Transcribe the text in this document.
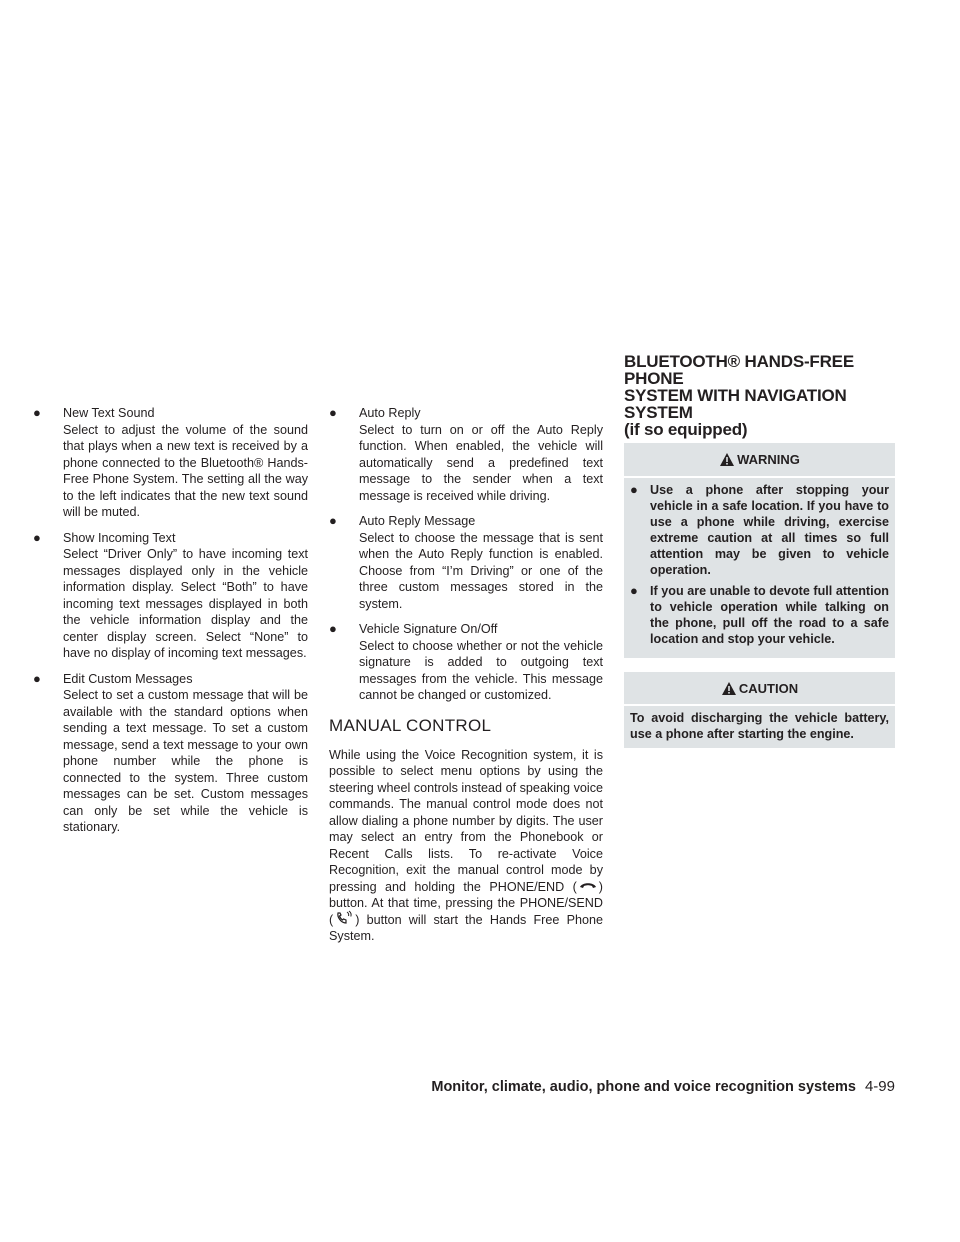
● New Text Sound
Select to adjust the volume of the sound that plays when a new text is received by a phone connected to the Bluetooth® Hands-Free Phone System. The setting all the way to the left indicates that the new text sound will be muted.
● Show Incoming Text
Select “Driver Only” to have incoming text messages displayed only in the vehicle information display. Select “Both” to have incoming text messages displayed in both the vehicle information display and the center display screen. Select “None” to have no display of incoming text messages.
● Edit Custom Messages
Select to set a custom message that will be available with the standard options when sending a text message. To set a custom message, send a text message to your own phone number while the phone is connected to the system. Three custom messages can be set. Custom messages can only be set while the vehicle is stationary.
● Auto Reply
Select to turn on or off the Auto Reply function. When enabled, the vehicle will automatically send a predefined text message to the sender when a text message is received while driving.
● Auto Reply Message
Select to choose the message that is sent when the Auto Reply function is enabled. Choose from “I’m Driving” or one of the three custom messages stored in the system.
● Vehicle Signature On/Off
Select to choose whether or not the vehicle signature is added to outgoing text messages from the vehicle. This message cannot be changed or customized.
MANUAL CONTROL

While using the Voice Recognition system, it is possible to select menu options by using the steering wheel controls instead of speaking voice commands. The manual control mode does not allow dialing a phone number by digits. The user may select an entry from the Phonebook or Recent Calls lists. To re-activate Voice Recognition, exit the manual control mode by pressing and holding the PHONE/END ( ) button. At that time, pressing the PHONE/SEND ( ) button will start the Hands Free Phone System.

BLUETOOTH® HANDS-FREE PHONE
SYSTEM WITH NAVIGATION SYSTEM
(if so equipped)
WARNING
● Use a phone after stopping your vehicle in a safe location. If you have to use a phone while driving, exercise extreme caution at all times so full attention may be given to vehicle operation.
● If you are unable to devote full attention to vehicle operation while talking on the phone, pull off the road to a safe location and stop your vehicle.
CAUTION
To avoid discharging the vehicle battery, use a phone after starting the engine.
Monitor, climate, audio, phone and voice recognition systems 4-99
